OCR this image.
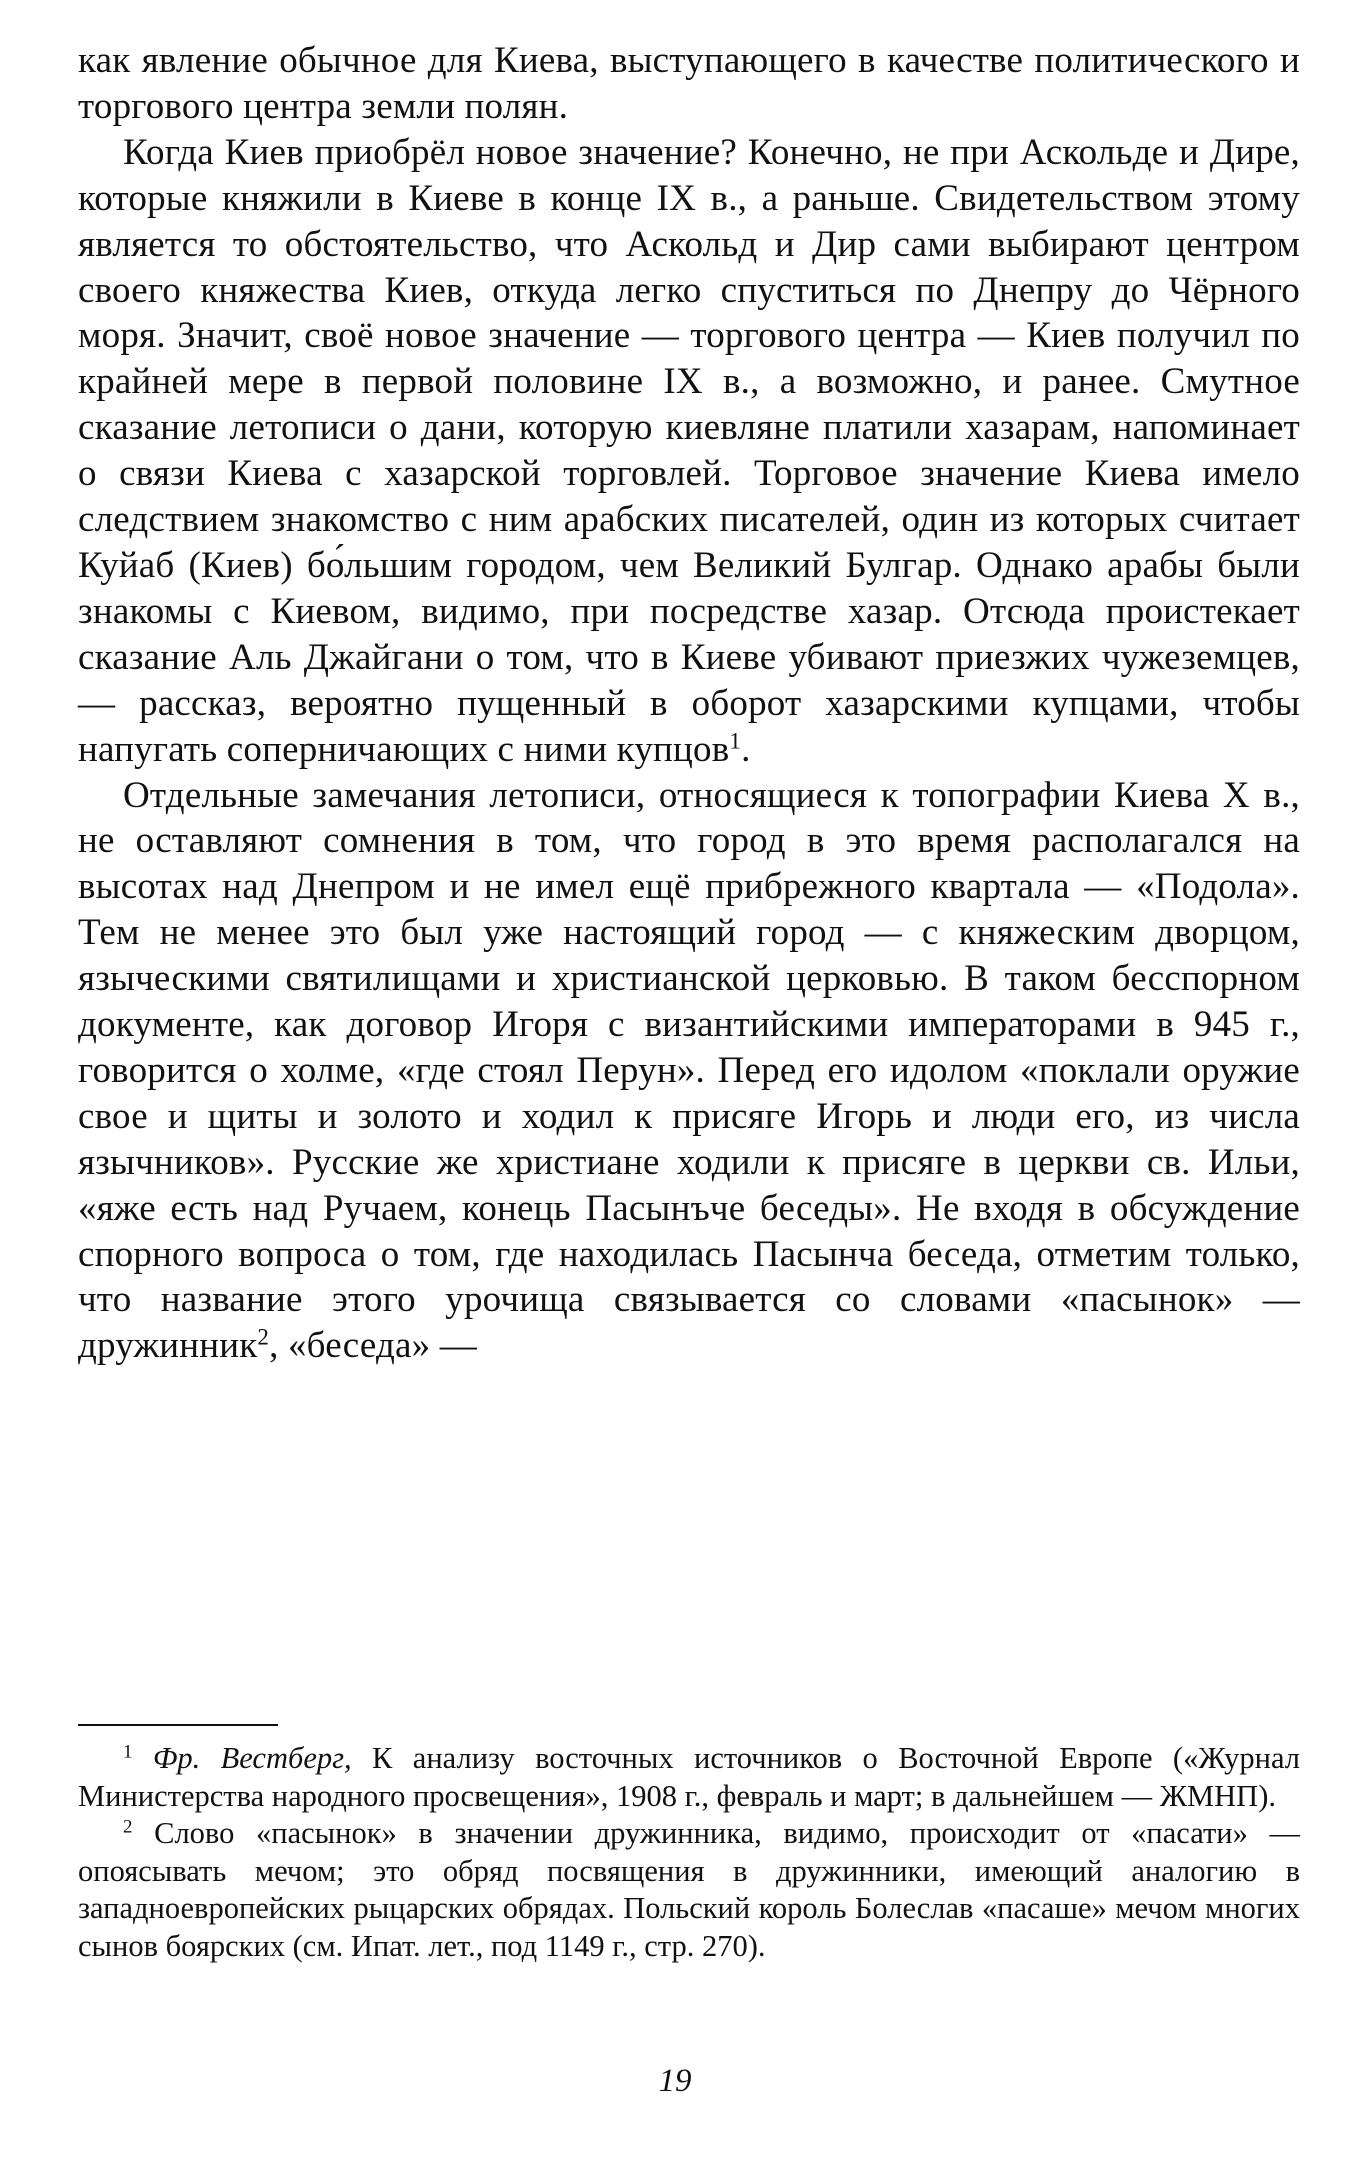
как явление обычное для Киева, выступающего в качестве политического и торгового центра земли полян.

Когда Киев приобрёл новое значение? Конечно, не при Аскольде и Дире, которые княжили в Киеве в конце IX в., а раньше. Свидетельством этому является то обстоятельство, что Аскольд и Дир сами выбирают центром своего княжества Киев, откуда легко спуститься по Днепру до Чёрного моря. Значит, своё новое значение — торгового центра — Киев получил по крайней мере в первой половине IX в., а возможно, и ранее. Смутное сказание летописи о дани, которую киевляне платили хазарам, напоминает о связи Киева с хазарской торговлей. Торговое значение Киева имело следствием знакомство с ним арабских писателей, один из которых считает Куйаб (Киев) бо́льшим городом, чем Великий Булгар. Однако арабы были знакомы с Киевом, видимо, при посредстве хазар. Отсюда проистекает сказание Аль Джайгани о том, что в Киеве убивают приезжих чужеземцев, — рассказ, вероятно пущенный в оборот хазарскими купцами, чтобы напугать соперничающих с ними купцов$^1$.

Отдельные замечания летописи, относящиеся к топографии Киева X в., не оставляют сомнения в том, что город в это время располагался на высотах над Днепром и не имел ещё прибрежного квартала — «Подола». Тем не менее это был уже настоящий город — с княжеским дворцом, языческими святилищами и христианской церковью. В таком бесспорном документе, как договор Игоря с византийскими императорами в 945 г., говорится о холме, «где стоял Перун». Перед его идолом «поклали оружие свое и щиты и золото и ходил к присяге Игорь и люди его, из числа язычников». Русские же христиане ходили к присяге в церкви св. Ильи, «яже есть над Ручаем, конець Пасынъче беседы». Не входя в обсуждение спорного вопроса о том, где находилась Пасынча беседа, отметим только, что название этого урочища связывается со словами «пасынок» — дружинник$^2$, «беседа» —

$^1$ Фр. Вестберг, К анализу восточных источников о Восточной Европе («Журнал Министерства народного просвещения», 1908 г., февраль и март; в дальнейшем — ЖМНП).

$^2$ Слово «пасынок» в значении дружинника, видимо, происходит от «пасати» — опоясывать мечом; это обряд посвящения в дружинники, имеющий аналогию в западноевропейских рыцарских обрядах. Польский король Болеслав «пасаше» мечом многих сынов боярских (см. Ипат. лет., под 1149 г., стр. 270).

19
